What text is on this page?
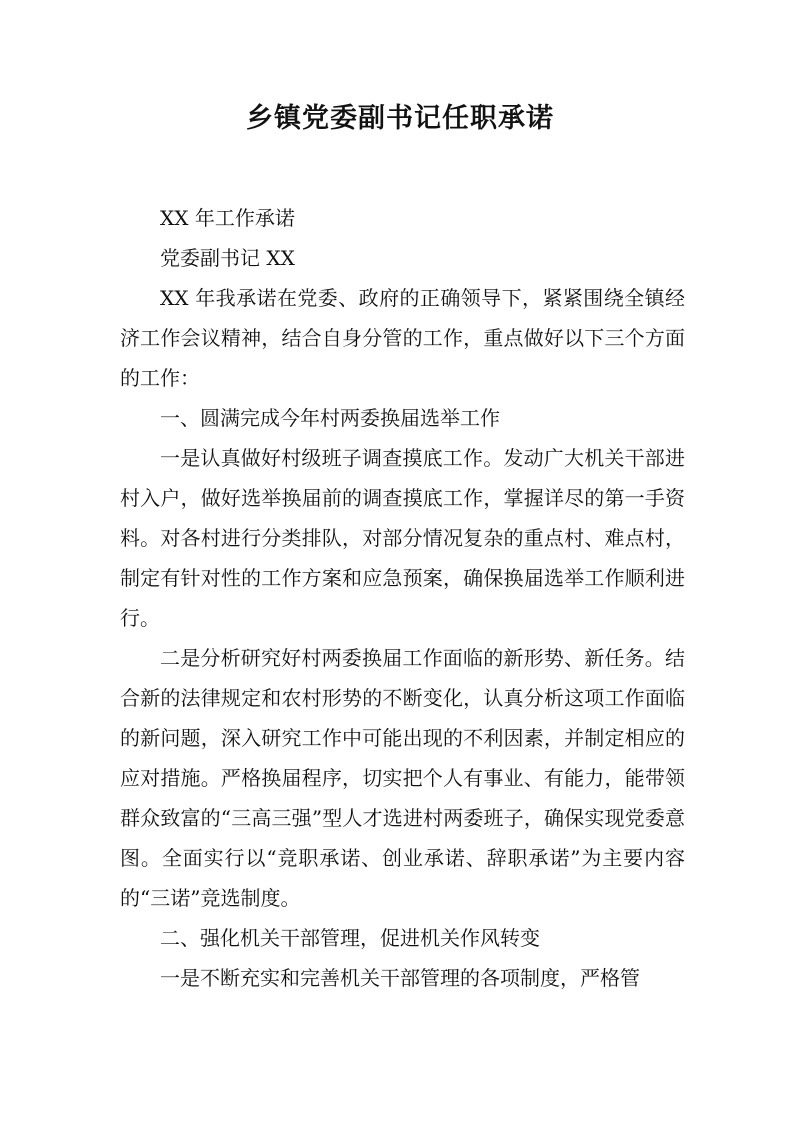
乡镇党委副书记任职承诺

XX 年工作承诺

党委副书记 XX

XX 年我承诺在党委、政府的正确领导下，紧紧围绕全镇经济工作会议精神，结合自身分管的工作，重点做好以下三个方面的工作：

一、圆满完成今年村两委换届选举工作

一是认真做好村级班子调查摸底工作。发动广大机关干部进村入户，做好选举换届前的调查摸底工作，掌握详尽的第一手资料。对各村进行分类排队，对部分情况复杂的重点村、难点村，制定有针对性的工作方案和应急预案，确保换届选举工作顺利进行。

二是分析研究好村两委换届工作面临的新形势、新任务。结合新的法律规定和农村形势的不断变化，认真分析这项工作面临的新问题，深入研究工作中可能出现的不利因素，并制定相应的应对措施。严格换届程序，切实把个人有事业、有能力，能带领群众致富的“三高三强”型人才选进村两委班子，确保实现党委意图。全面实行以“竞职承诺、创业承诺、辞职承诺”为主要内容的“三诺”竞选制度。

二、强化机关干部管理，促进机关作风转变

一是不断充实和完善机关干部管理的各项制度，严格管
